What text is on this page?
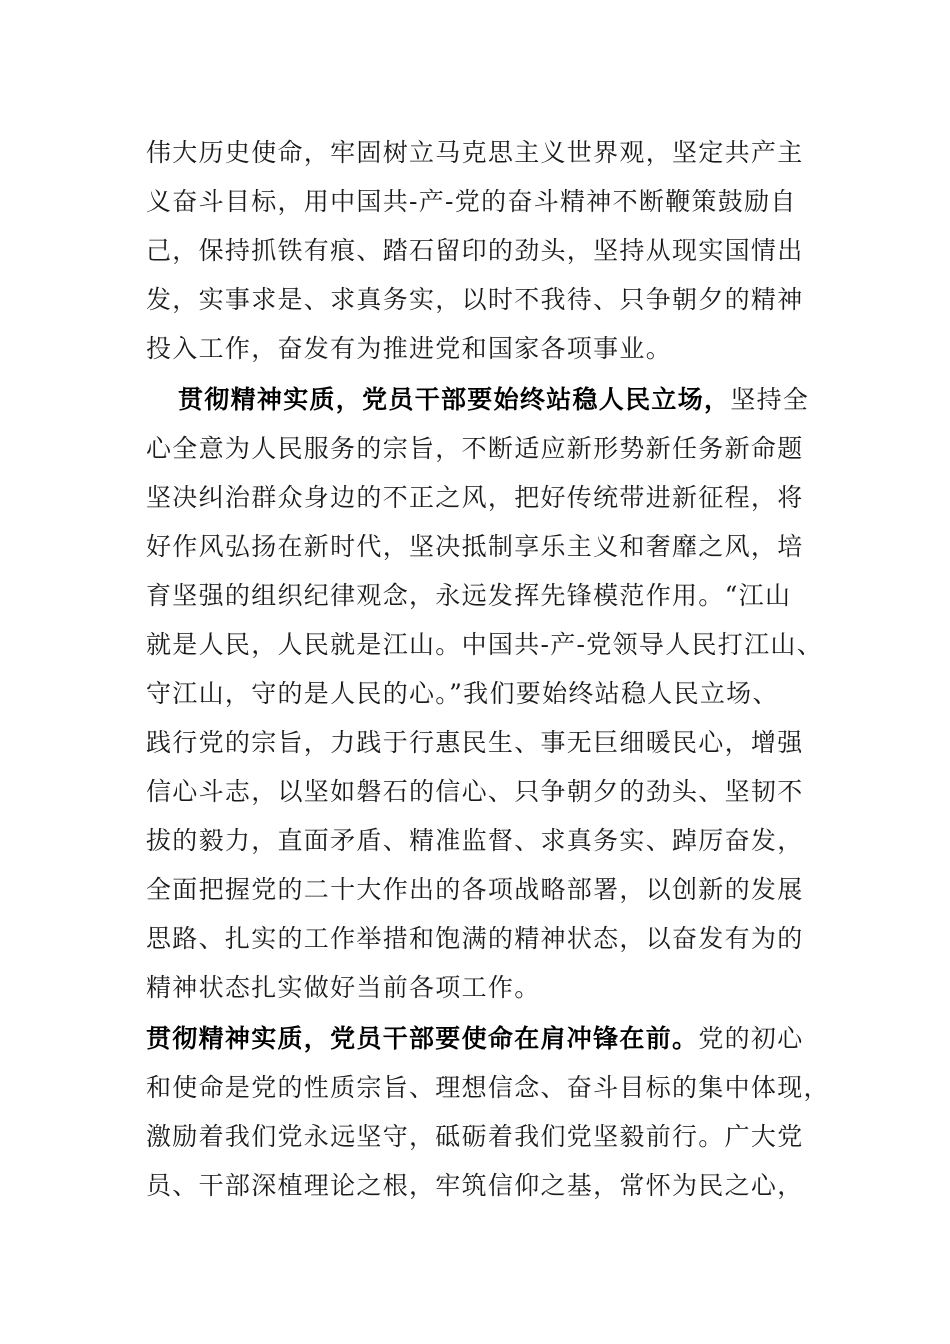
伟大历史使命，牢固树立马克思主义世界观，坚定共产主
义奋斗目标，用中国共-产-党的奋斗精神不断鞭策鼓励自
己，保持抓铁有痕、踏石留印的劲头，坚持从现实国情出
发，实事求是、求真务实，以时不我待、只争朝夕的精神
投入工作，奋发有为推进党和国家各项事业。
贯彻精神实质，党员干部要始终站稳人民立场，坚持全
心全意为人民服务的宗旨，不断适应新形势新任务新命题
坚决纠治群众身边的不正之风，把好传统带进新征程，将
好作风弘扬在新时代，坚决抵制享乐主义和奢靡之风，培
育坚强的组织纪律观念，永远发挥先锋模范作用。“江山
就是人民，人民就是江山。中国共-产-党领导人民打江山、
守江山，守的是人民的心。”我们要始终站稳人民立场、
践行党的宗旨，力践于行惠民生、事无巨细暖民心，增强
信心斗志，以坚如磐石的信心、只争朝夕的劲头、坚韧不
拔的毅力，直面矛盾、精准监督、求真务实、踔厉奋发，
全面把握党的二十大作出的各项战略部署，以创新的发展
思路、扎实的工作举措和饱满的精神状态，以奋发有为的
精神状态扎实做好当前各项工作。
贯彻精神实质，党员干部要使命在肩冲锋在前。党的初心
和使命是党的性质宗旨、理想信念、奋斗目标的集中体现，
激励着我们党永远坚守，砥砺着我们党坚毅前行。广大党
员、干部深植理论之根，牢筑信仰之基，常怀为民之心，
